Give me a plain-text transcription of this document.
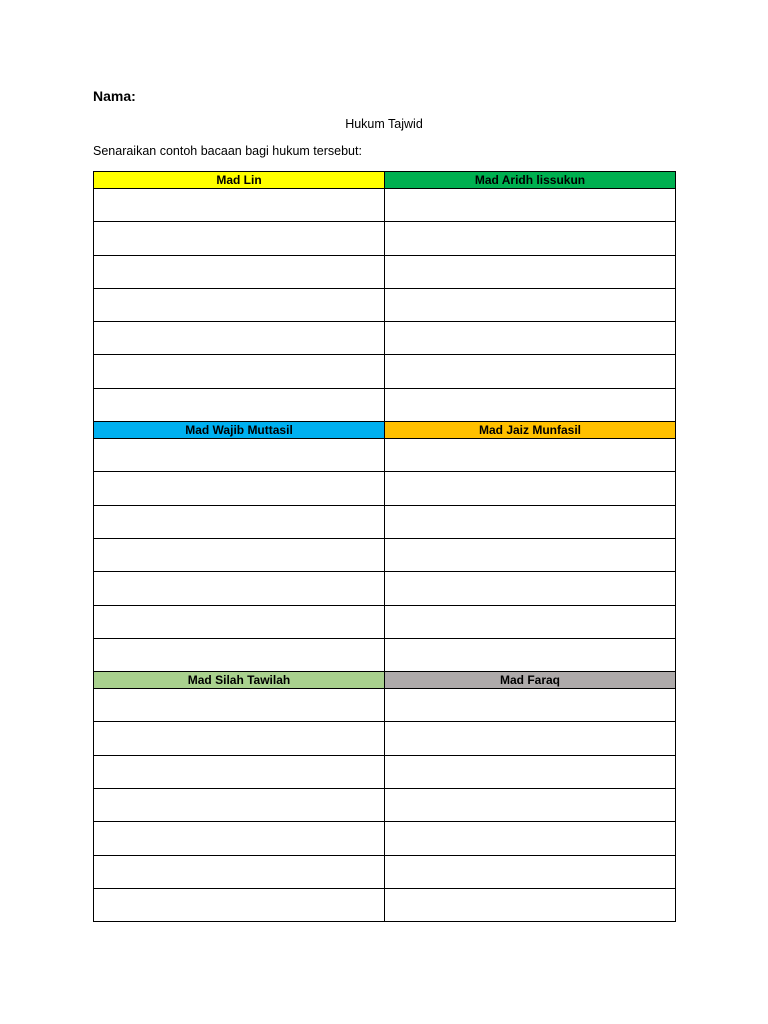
Nama:
Hukum Tajwid
Senaraikan contoh bacaan bagi hukum tersebut:
Mad Lin	Mad Aridh lissukun

Mad Wajib Muttasil	Mad Jaiz Munfasil

Mad Silah Tawilah	Mad Faraq
